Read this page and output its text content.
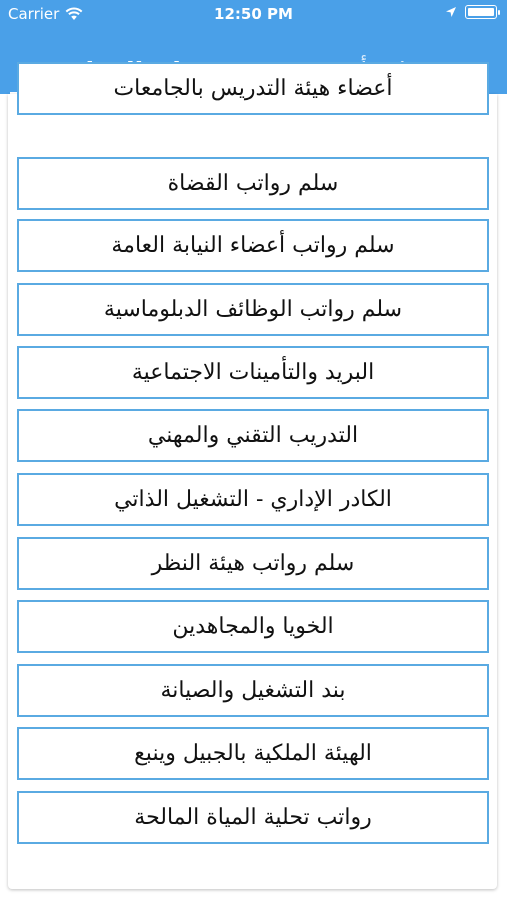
Carrier	12:50 PM
أعضاء هيئة التدريس بالجامعات
سلم رواتب القضاة
سلم رواتب أعضاء النيابة العامة
سلم رواتب الوظائف الدبلوماسية
البريد والتأمينات الاجتماعية
التدريب التقني والمهني
الكادر الإداري - التشغيل الذاتي
سلم رواتب هيئة النظر
الخويا والمجاهدين
بند التشغيل والصيانة
الهيئة الملكية بالجبيل وينبع
رواتب تحلية المياة المالحة
